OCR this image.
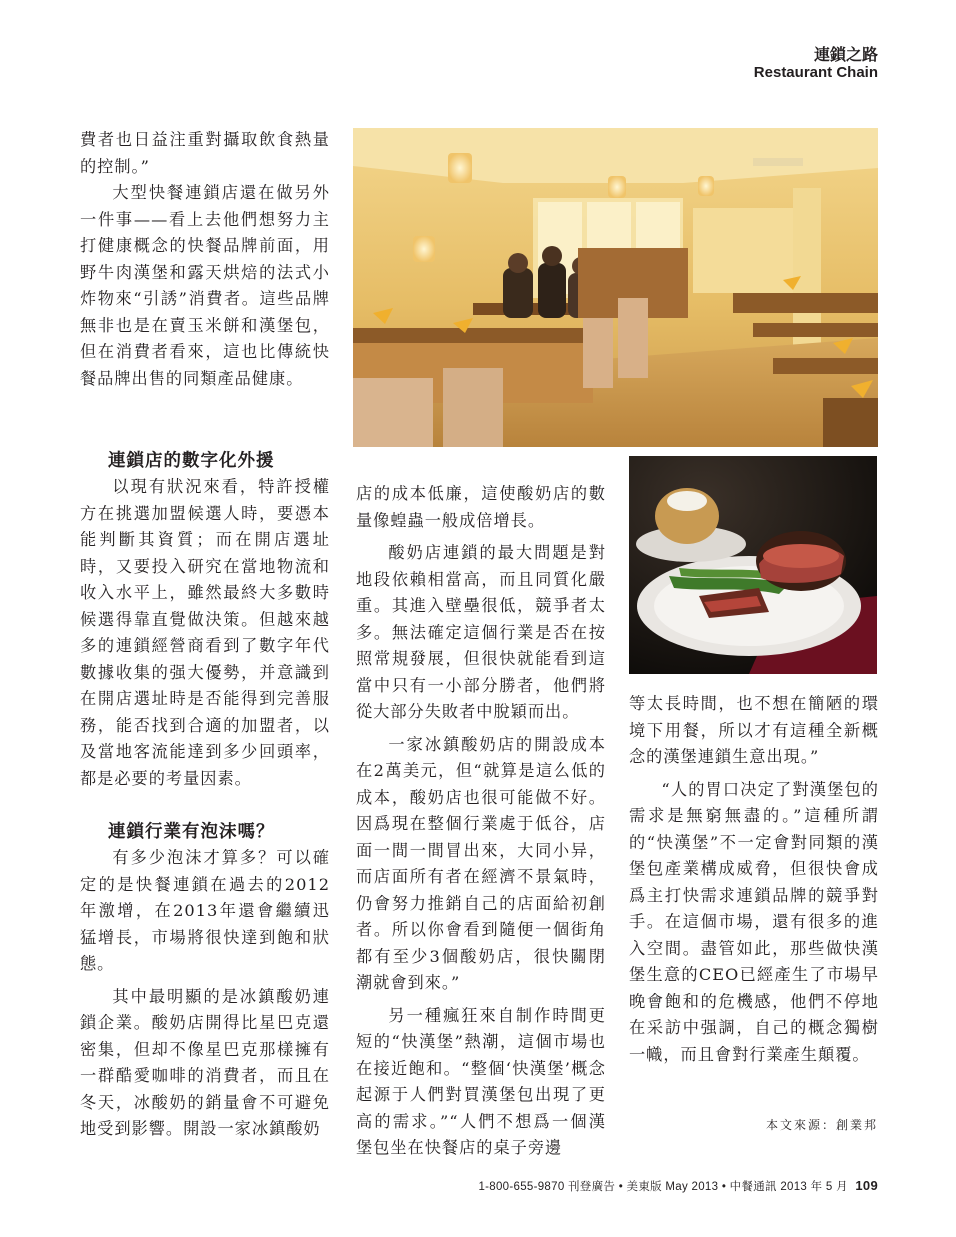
連鎖之路
Restaurant Chain

費者也日益注重對攝取飲食熱量的控制。”

大型快餐連鎖店還在做另外一件事——看上去他們想努力主打健康概念的快餐品牌前面，用野牛肉漢堡和露天烘焙的法式小炸物來“引誘”消費者。這些品牌無非也是在賣玉米餅和漢堡包，但在消費者看來，這也比傳統快餐品牌出售的同類產品健康。

連鎖店的數字化外援

以現有狀況來看，特許授權方在挑選加盟候選人時，要憑本能判斷其資質；而在開店選址時，又要投入研究在當地物流和收入水平上，雖然最終大多數時候選得靠直覺做決策。但越來越多的連鎖經營商看到了數字年代數據收集的强大優勢，并意識到在開店選址時是否能得到完善服務，能否找到合適的加盟者，以及當地客流能達到多少回頭率，都是必要的考量因素。

連鎖行業有泡沫嗎？

有多少泡沫才算多？可以確定的是快餐連鎖在過去的2012年激增，在2013年還會繼續迅猛增長，市場將很快達到飽和狀態。

其中最明顯的是冰鎮酸奶連鎖企業。酸奶店開得比星巴克還密集，但却不像星巴克那樣擁有一群酷愛咖啡的消費者，而且在冬天，冰酸奶的銷量會不可避免地受到影響。開設一家冰鎮酸奶

店的成本低廉，這使酸奶店的數量像蝗蟲一般成倍增長。

酸奶店連鎖的最大問題是對地段依賴相當高，而且同質化嚴重。其進入壁壘很低，競爭者太多。無法確定這個行業是否在按照常規發展，但很快就能看到這當中只有一小部分勝者，他們將從大部分失敗者中脫穎而出。

一家冰鎮酸奶店的開設成本在2萬美元，但“就算是這么低的成本，酸奶店也很可能做不好。因爲現在整個行業處于低谷，店面一間一間冒出來，大同小异，而店面所有者在經濟不景氣時，仍會努力推銷自己的店面給初創者。所以你會看到隨便一個街角都有至少3個酸奶店，很快關閉潮就會到來。”

另一種瘋狂來自制作時間更短的“快漢堡”熱潮，這個市場也在接近飽和。“整個‘快漢堡’概念起源于人們對買漢堡包出現了更高的需求。”“人們不想爲一個漢堡包坐在快餐店的桌子旁邊

等太長時間，也不想在簡陋的環境下用餐，所以才有這種全新概念的漢堡連鎖生意出現。”

“人的胃口决定了對漢堡包的需求是無窮無盡的。”這種所謂的“快漢堡”不一定會對同類的漢堡包產業構成威脅，但很快會成爲主打快需求連鎖品牌的競爭對手。在這個市場，還有很多的進入空間。盡管如此，那些做快漢堡生意的CEO已經產生了市場早晚會飽和的危機感，他們不停地在采訪中强調，自己的概念獨樹一幟，而且會對行業產生顛覆。

本文來源：創業邦
1-800-655-9870 刊登廣告 • 美東版 May 2013 • 中餐通訊 2013 年 5 月 109
